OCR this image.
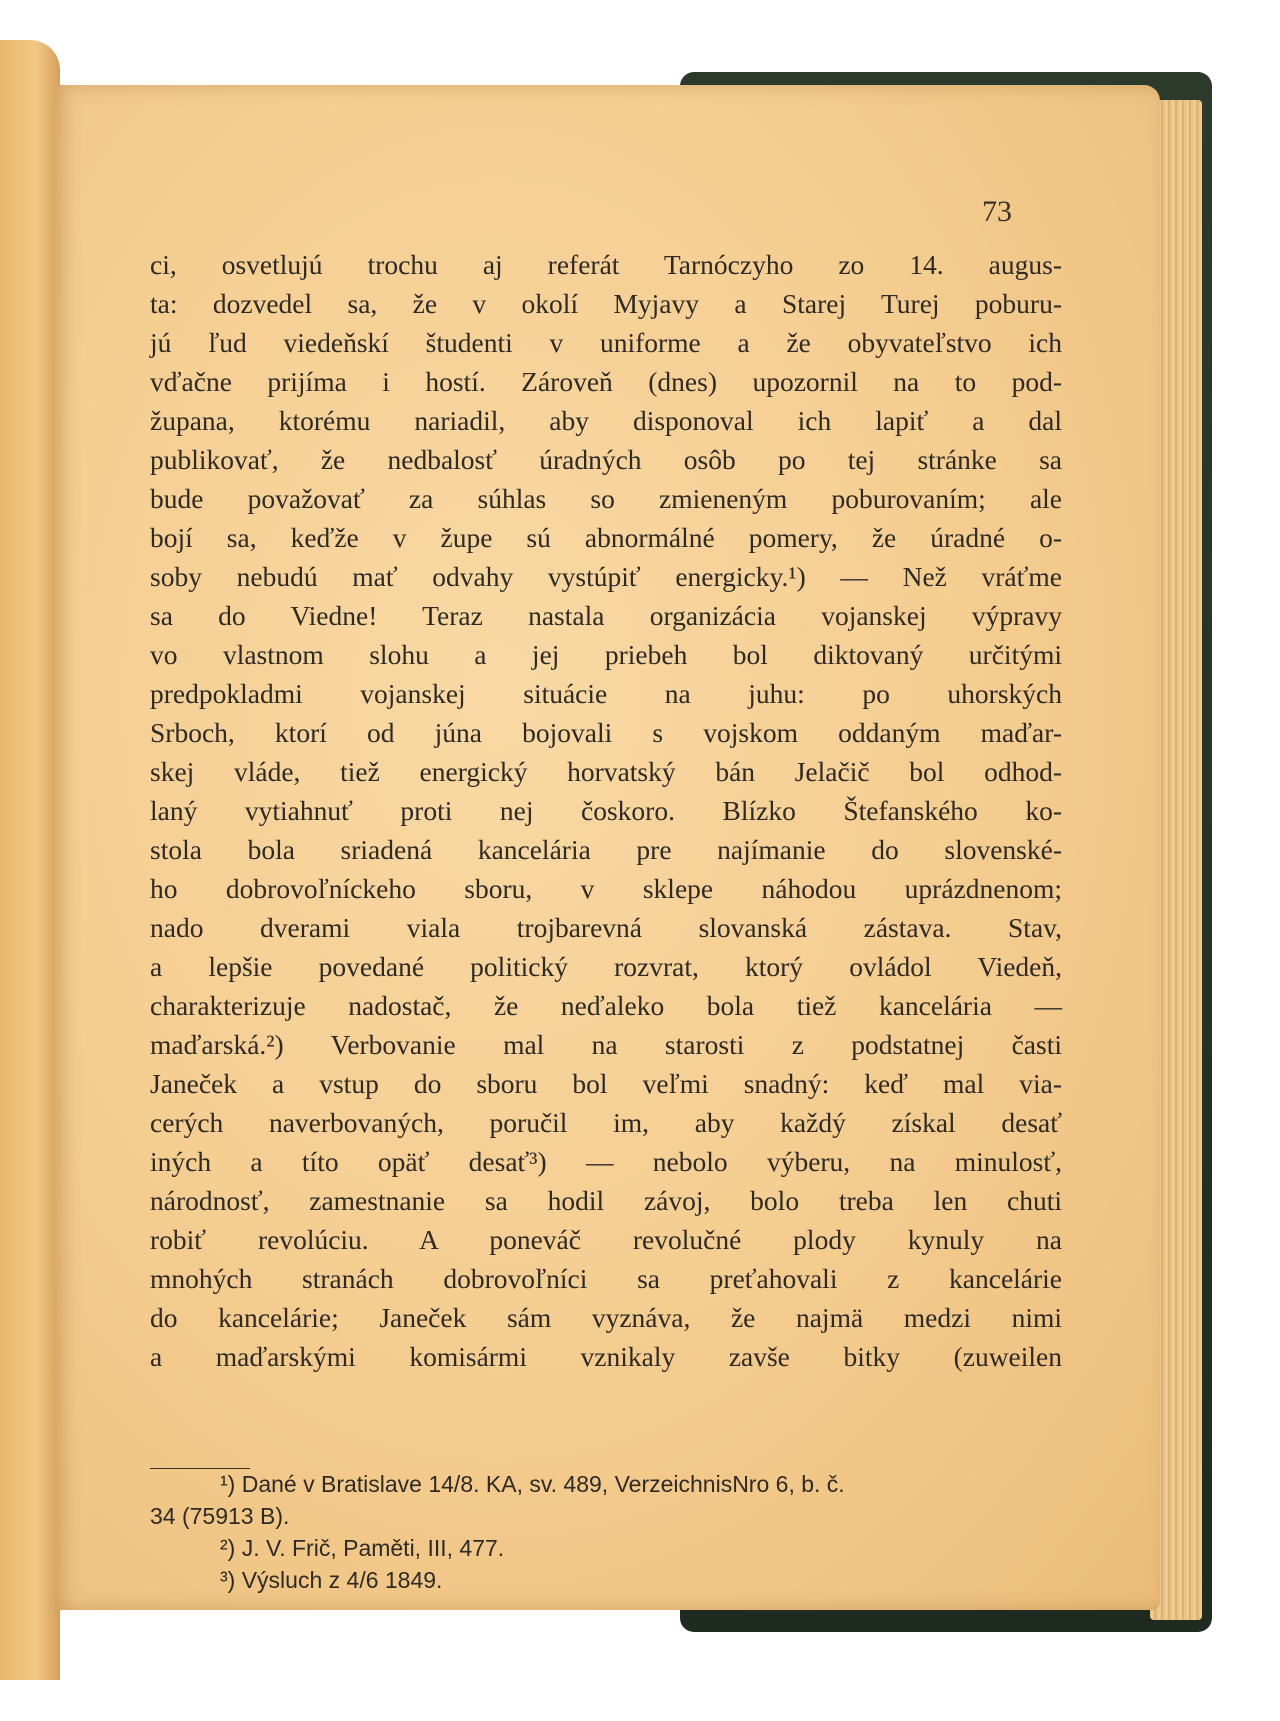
73
ci, osvetlujú trochu aj referát Tarnóczyho zo 14. augus-
ta: dozvedel sa, že v okolí Myjavy a Starej Turej poburu-
jú ľud viedeňskí študenti v uniforme a že obyvateľstvo ich
vďačne prijíma i hostí. Zároveň (dnes) upozornil na to pod-
župana, ktorému nariadil, aby disponoval ich lapiť a dal
publikovať, že nedbalosť úradných osôb po tej stránke sa
bude považovať za súhlas so zmieneným poburovaním; ale
bojí sa, keďže v župe sú abnormálné pomery, že úradné o-
soby nebudú mať odvahy vystúpiť energicky.¹) — Než vráťme
sa do Viedne! Teraz nastala organizácia vojanskej výpravy
vo vlastnom slohu a jej priebeh bol diktovaný určitými
predpokladmi vojanskej situácie na juhu: po uhorských
Srboch, ktorí od júna bojovali s vojskom oddaným maďar-
skej vláde, tiež energický horvatský bán Jelačič bol odhod-
laný vytiahnuť proti nej čoskoro. Blízko Štefanského ko-
stola bola sriadená kancelária pre najímanie do slovenské-
ho dobrovoľníckeho sboru, v sklepe náhodou uprázdnenom;
nado dverami viala trojbarevná slovanská zástava. Stav,
a lepšie povedané politický rozvrat, ktorý ovládol Viedeň,
charakterizuje nadostač, že neďaleko bola tiež kancelária —
maďarská.²) Verbovanie mal na starosti z podstatnej časti
Janeček a vstup do sboru bol veľmi snadný: keď mal via-
cerých naverbovaných, poručil im, aby každý získal desať
iných a títo opäť desať³) — nebolo výberu, na minulosť,
národnosť, zamestnanie sa hodil závoj, bolo treba len chuti
robiť revolúciu. A poneváč revolučné plody kynuly na
mnohých stranách dobrovoľníci sa preťahovali z kancelárie
do kancelárie; Janeček sám vyznáva, že najmä medzi nimi
a maďarskými komisármi vznikaly zavše bitky (zuweilen
¹) Dané v Bratislave 14/8. KA, sv. 489, VerzeichnisNro 6, b. č.
34 (75913 B).
²) J. V. Frič, Paměti, III, 477.
³) Výsluch z 4/6 1849.
